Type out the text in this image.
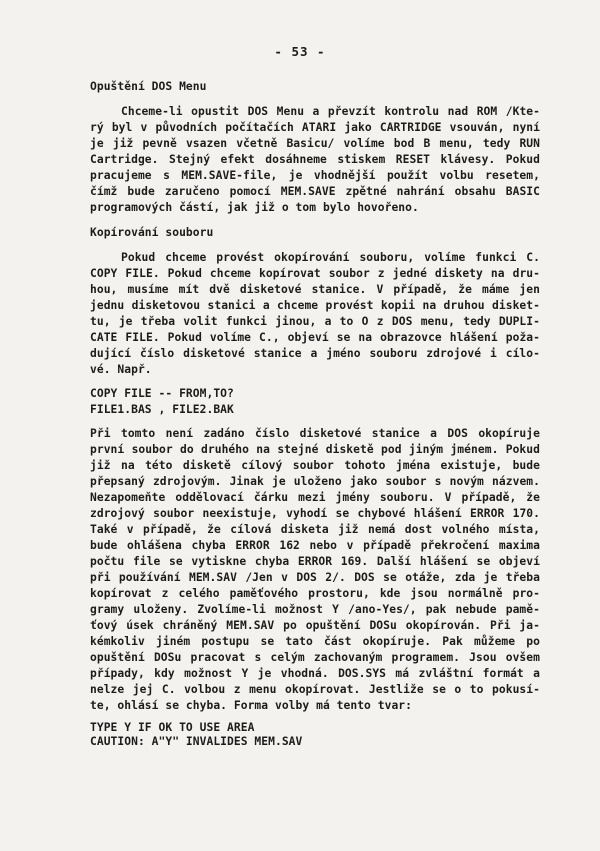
- 53 -
Opuštění DOS Menu
Chceme-li opustit DOS Menu a převzít kontrolu nad ROM /Kte-
rý byl v původních počítačích ATARI jako CARTRIDGE vsouván, nyní
je již pevně vsazen včetně Basicu/ volíme bod B menu, tedy RUN
Cartridge. Stejný efekt dosáhneme stiskem RESET klávesy. Pokud
pracujeme s MEM.SAVE-file, je vhodnější použít volbu resetem,
čímž bude zaručeno pomocí MEM.SAVE zpětné nahrání obsahu BASIC
programových částí, jak již o tom bylo hovořeno.
Kopírování souboru
Pokud chceme provést okopírování souboru, volíme funkci C.
COPY FILE. Pokud chceme kopírovat soubor z jedné diskety na dru-
hou, musíme mít dvě disketové stanice. V případě, že máme jen
jednu disketovou stanici a chceme provést kopii na druhou disket-
tu, je třeba volit funkci jinou, a to O z DOS menu, tedy DUPLI-
CATE FILE. Pokud volíme C., objeví se na obrazovce hlášení poža-
dující číslo disketové stanice a jméno souboru zdrojové i cílo-
vé. Např.
COPY FILE -- FROM,TO?
FILE1.BAS , FILE2.BAK
Při tomto není zadáno číslo disketové stanice a DOS okopíruje
první soubor do druhého na stejné disketě pod jiným jménem. Pokud
již na této disketě cílový soubor tohoto jména existuje, bude
přepsaný zdrojovým. Jinak je uloženo jako soubor s novým názvem.
Nezapomeňte oddělovací čárku mezi jmény souboru. V případě, že
zdrojový soubor neexistuje, vyhodí se chybové hlášení ERROR 170.
Také v případě, že cílová disketa již nemá dost volného místa,
bude ohlášena chyba ERROR 162 nebo v případě překročení maxima
počtu file se vytiskne chyba ERROR 169. Další hlášení se objeví
při používání MEM.SAV /Jen v DOS 2/. DOS se otáže, zda je třeba
kopírovat z celého paměťového prostoru, kde jsou normálně pro-
gramy uloženy. Zvolíme-li možnost Y /ano-Yes/, pak nebude pamě-
ťový úsek chráněný MEM.SAV po opuštění DOSu okopírován. Při ja-
kémkoliv jiném postupu se tato část okopíruje. Pak můžeme po
opuštění DOSu pracovat s celým zachovaným programem. Jsou ovšem
případy, kdy možnost Y je vhodná. DOS.SYS má zvláštní formát a
nelze jej C. volbou z menu okopírovat. Jestliže se o to pokusí-
te, ohlásí se chyba. Forma volby má tento tvar:
TYPE Y IF OK TO USE AREA
CAUTION: A"Y" INVALIDES MEM.SAV
